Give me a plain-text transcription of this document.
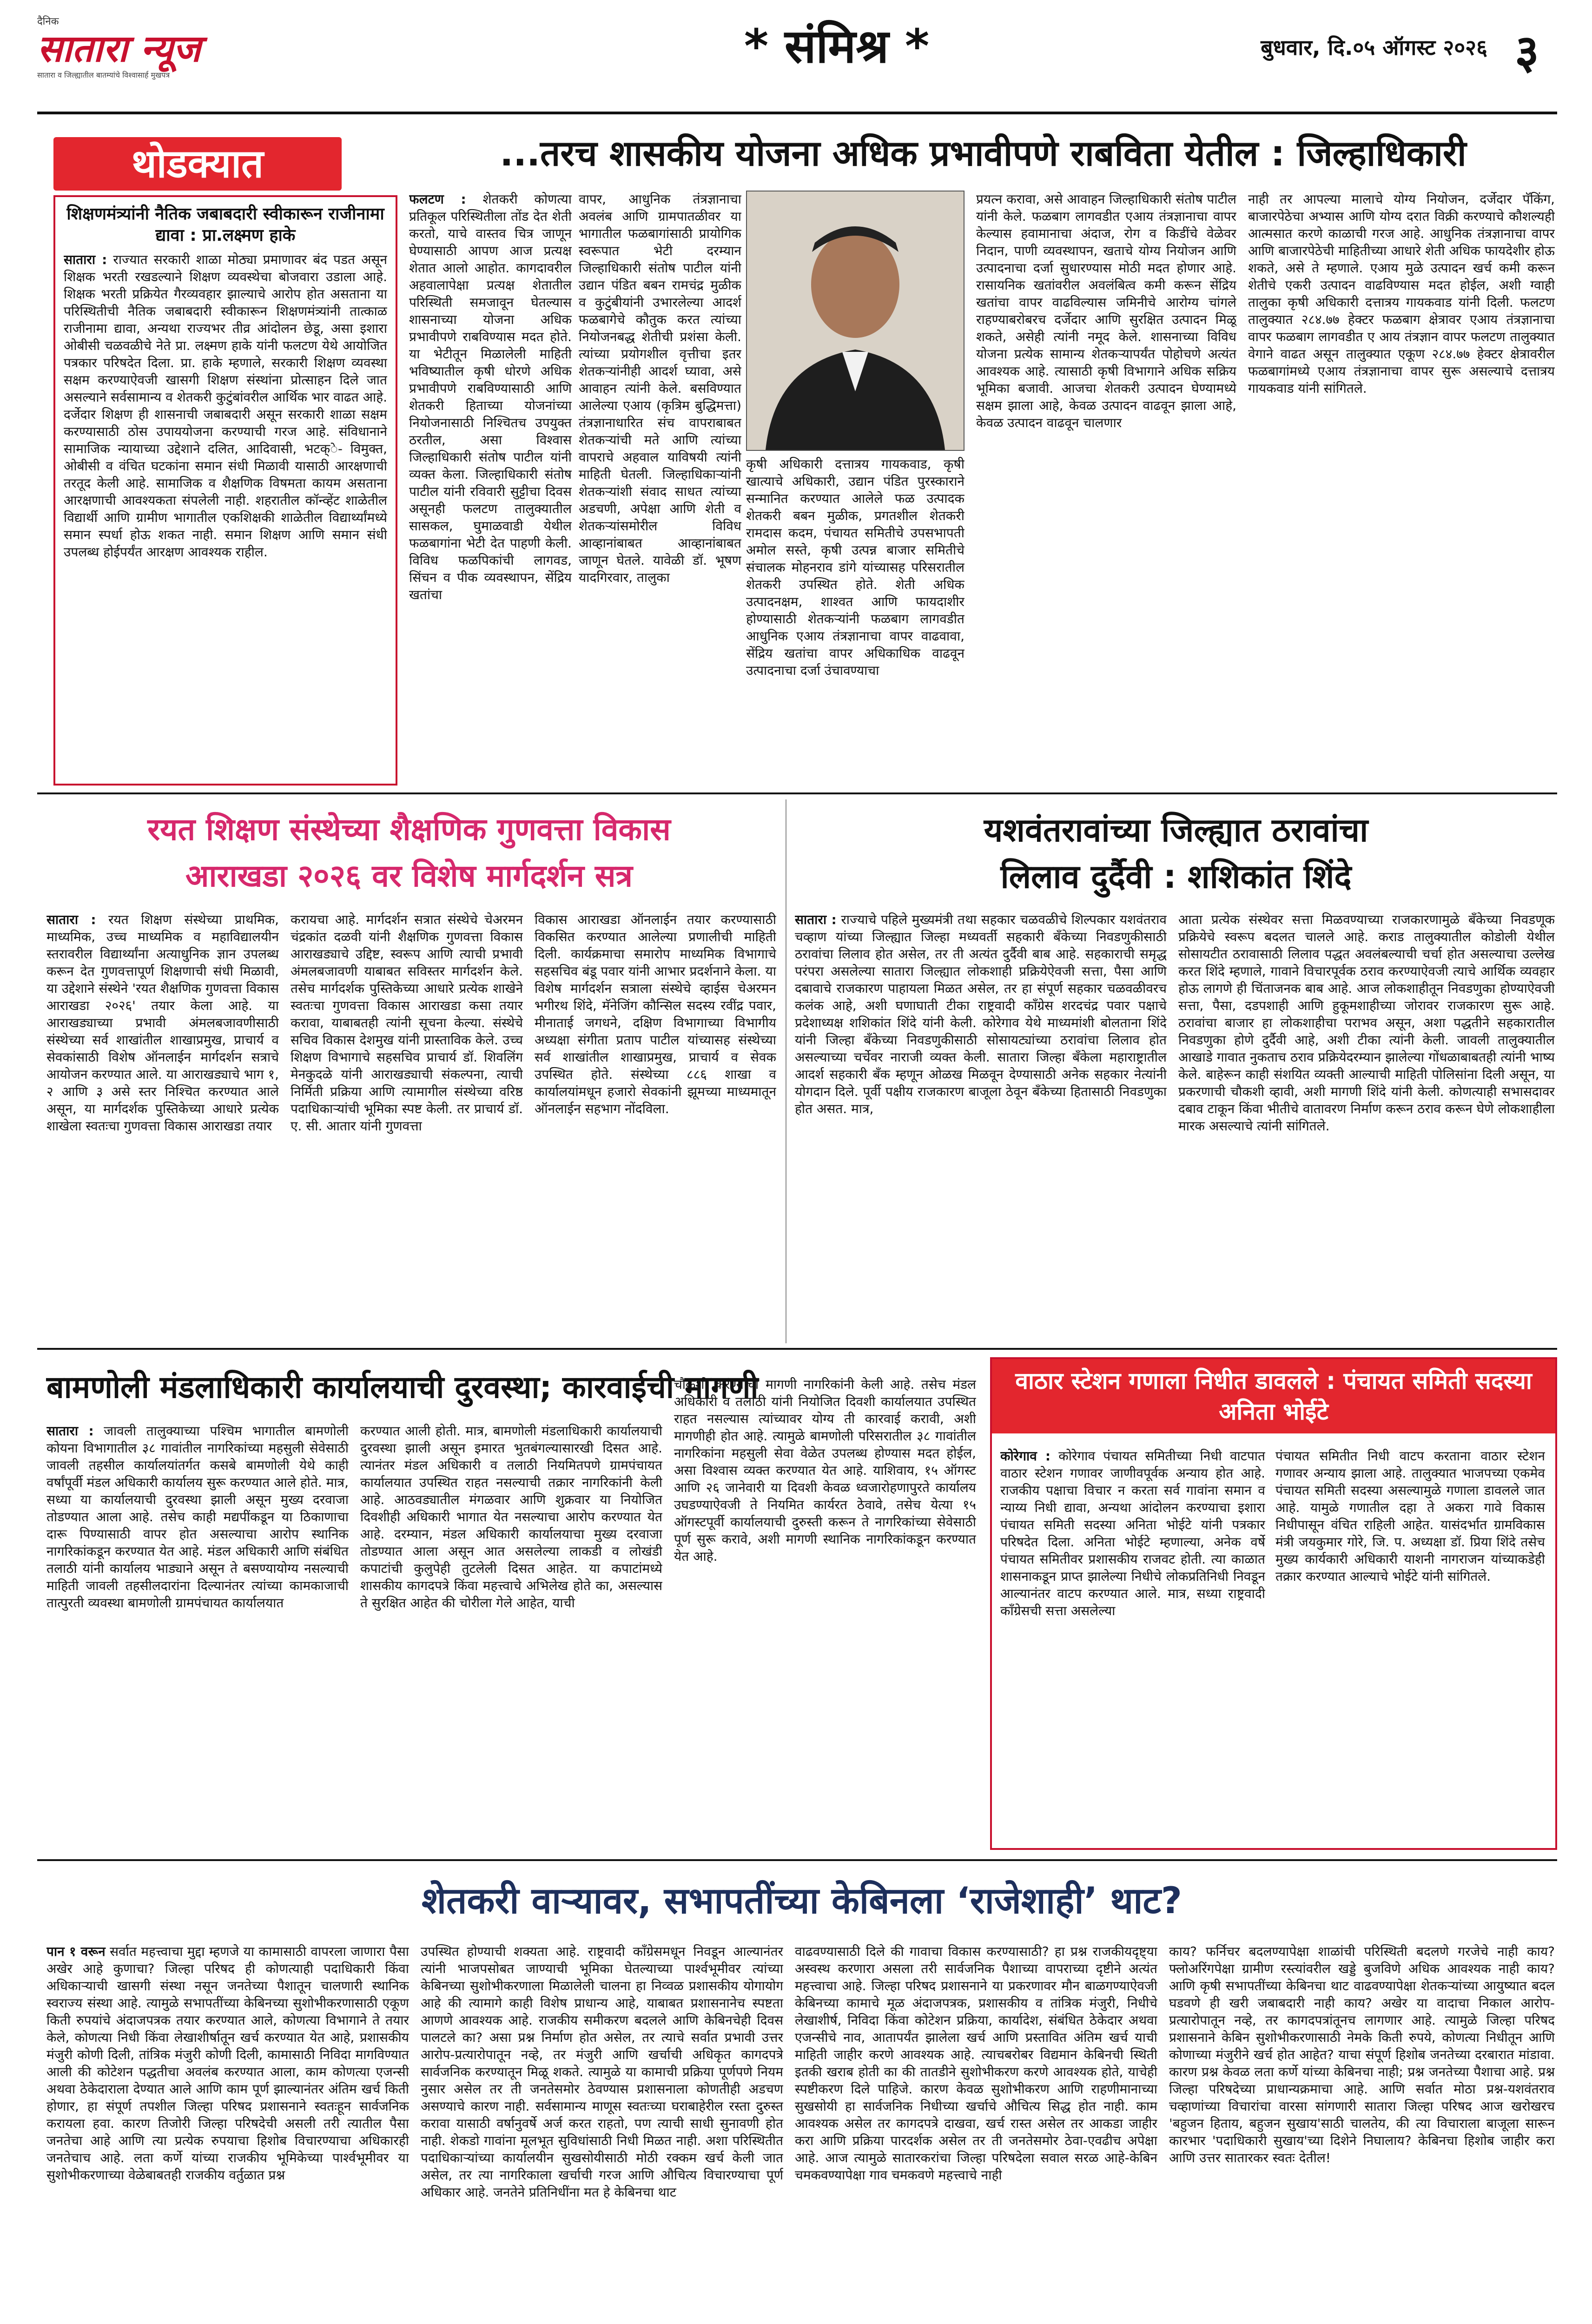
दैनिक
सातारा न्यूज
सातारा व जिल्ह्यातील बातम्यांचे विश्वासार्ह मुखपत्र
* संमिश्र *	बुधवार, दि.०५ ऑगस्ट २०२६ ३
थोडक्यात
शिक्षणमंत्र्यांनी नैतिक जबाबदारी स्वीकारून राजीनामा द्यावा : प्रा.लक्ष्मण हाके
सातारा : राज्यात सरकारी शाळा मोठ्या प्रमाणावर बंद पडत असून शिक्षक भरती रखडल्याने शिक्षण व्यवस्थेचा बोजवारा उडाला आहे. शिक्षक भरती प्रक्रियेत गैरव्यवहार झाल्याचे आरोप होत असताना या परिस्थितीची नैतिक जबाबदारी स्वीकारून शिक्षणमंत्र्यांनी तात्काळ राजीनामा द्यावा, अन्यथा राज्यभर तीव्र आंदोलन छेडू, असा इशारा ओबीसी चळवळीचे नेते प्रा. लक्ष्मण हाके यांनी फलटण येथे आयोजित पत्रकार परिषदेत दिला. प्रा. हाके म्हणाले, सरकारी शिक्षण व्यवस्था सक्षम करण्याऐवजी खासगी शिक्षण संस्थांना प्रोत्साहन दिले जात असल्याने सर्वसामान्य व शेतकरी कुटुंबांवरील आर्थिक भार वाढत आहे. दर्जेदार शिक्षण ही शासनाची जबाबदारी असून सरकारी शाळा सक्षम करण्यासाठी ठोस उपाययोजना करण्याची गरज आहे. संविधानाने सामाजिक न्यायाच्या उद्देशाने दलित, आदिवासी, भटक्े- विमुक्त, ओबीसी व वंचित घटकांना समान संधी मिळावी यासाठी आरक्षणाची तरतूद केली आहे. सामाजिक व शैक्षणिक विषमता कायम असताना आरक्षणाची आवश्यकता संपलेली नाही. शहरातील कॉन्व्हेंट शाळेतील विद्यार्थी आणि ग्रामीण भागातील एकशिक्षकी शाळेतील विद्यार्थ्यांमध्ये समान स्पर्धा होऊ शकत नाही. समान शिक्षण आणि समान संधी उपलब्ध होईपर्यंत आरक्षण आवश्यक राहील.
...तरच शासकीय योजना अधिक प्रभावीपणे राबविता येतील : जिल्हाधिकारी
फलटण : शेतकरी कोणत्या प्रतिकूल परिस्थितीला तोंड देत शेती करतो, याचे वास्तव चित्र जाणून घेण्यासाठी आपण आज प्रत्यक्ष शेतात आलो आहोत. कागदावरील अहवालापेक्षा प्रत्यक्ष शेतातील परिस्थिती समजावून घेतल्यास शासनाच्या योजना अधिक प्रभावीपणे राबविण्यास मदत होते. या भेटीतून मिळालेली माहिती भविष्यातील कृषी धोरणे अधिक प्रभावीपणे राबविण्यासाठी आणि शेतकरी हिताच्या योजनांच्या नियोजनासाठी निश्चितच उपयुक्त ठरतील, असा विश्वास जिल्हाधिकारी संतोष पाटील यांनी व्यक्त केला. जिल्हाधिकारी संतोष पाटील यांनी रविवारी सुट्टीचा दिवस असूनही फलटण तालुक्यातील सासकल, घुमाळवाडी येथील फळबागांना भेटी देत पाहणी केली. विविध फळपिकांची लागवड, सिंचन व पीक व्यवस्थापन, सेंद्रिय खतांचा
वापर, आधुनिक तंत्रज्ञानाचा अवलंब आणि ग्रामपातळीवर या भागातील फळबागांसाठी प्रायोगिक स्वरूपात भेटी दरम्यान जिल्हाधिकारी संतोष पाटील यांनी उद्यान पंडित बबन रामचंद्र मुळीक व कुटुंबीयांनी उभारलेल्या आदर्श फळबागेचे कौतुक करत त्यांच्या नियोजनबद्ध शेतीची प्रशंसा केली. त्यांच्या प्रयोगशील वृत्तीचा इतर शेतकऱ्यांनीही आदर्श घ्यावा, असे आवाहन त्यांनी केले. बसविण्यात आलेल्या एआय (कृत्रिम बुद्धिमत्ता) तंत्रज्ञानाधारित संच वापराबाबत शेतकऱ्यांची मते आणि त्यांच्या वापराचे अहवाल याविषयी त्यांनी माहिती घेतली. जिल्हाधिकाऱ्यांनी शेतकऱ्यांशी संवाद साधत त्यांच्या अडचणी, अपेक्षा आणि शेती व शेतकऱ्यांसमोरील विविध आव्हानांबाबत आव्हानांबाबत जाणून घेतले. यावेळी डॉ. भूषण यादगिरवार, तालुका
कृषी अधिकारी दत्तात्रय गायकवाड, कृषी खात्याचे अधिकारी, उद्यान पंडित पुरस्काराने सन्मानित करण्यात आलेले फळ उत्पादक शेतकरी बबन मुळीक, प्रगतशील शेतकरी रामदास कदम, पंचायत समितीचे उपसभापती अमोल सस्ते, कृषी उत्पन्न बाजार समितीचे संचालक मोहनराव डांगे यांच्यासह परिसरातील शेतकरी उपस्थित होते. शेती अधिक उत्पादनक्षम, शाश्वत आणि फायदाशीर होण्यासाठी शेतकऱ्यांनी फळबाग लागवडीत आधुनिक एआय तंत्रज्ञानाचा वापर वाढवावा, सेंद्रिय खतांचा वापर अधिकाधिक वाढवून उत्पादनाचा दर्जा उंचावण्याचा
प्रयत्न करावा, असे आवाहन जिल्हाधिकारी संतोष पाटील यांनी केले. फळबाग लागवडीत एआय तंत्रज्ञानाचा वापर केल्यास हवामानाचा अंदाज, रोग व किडींचे वेळेवर निदान, पाणी व्यवस्थापन, खताचे योग्य नियोजन आणि उत्पादनाचा दर्जा सुधारण्यास मोठी मदत होणार आहे. रासायनिक खतांवरील अवलंबित्व कमी करून सेंद्रिय खतांचा वापर वाढविल्यास जमिनीचे आरोग्य चांगले राहण्याबरोबरच दर्जेदार आणि सुरक्षित उत्पादन मिळू शकते, असेही त्यांनी नमूद केले. शासनाच्या विविध योजना प्रत्येक सामान्य शेतकऱ्यापर्यंत पोहोचणे अत्यंत आवश्यक आहे. त्यासाठी कृषी विभागाने अधिक सक्रिय भूमिका बजावी. आजचा शेतकरी उत्पादन घेण्यामध्ये सक्षम झाला आहे, केवळ उत्पादन वाढवून झाला आहे, केवळ उत्पादन वाढवून चालणार
नाही तर आपल्या मालाचे योग्य नियोजन, दर्जेदार पॅकिंग, बाजारपेठेचा अभ्यास आणि योग्य दरात विक्री करण्याचे कौशल्यही आत्मसात करणे काळाची गरज आहे. आधुनिक तंत्रज्ञानाचा वापर आणि बाजारपेठेची माहितीच्या आधारे शेती अधिक फायदेशीर होऊ शकते, असे ते म्हणाले. एआय मुळे उत्पादन खर्च कमी करून शेतीचे एकरी उत्पादन वाढविण्यास मदत होईल, अशी ग्वाही तालुका कृषी अधिकारी दत्तात्रय गायकवाड यांनी दिली. फलटण तालुक्यात २८४.७७ हेक्टर फळबाग क्षेत्रावर एआय तंत्रज्ञानाचा वापर फळबाग लागवडीत ए आय तंत्रज्ञान वापर फलटण तालुक्यात वेगाने वाढत असून तालुक्यात एकूण २८४.७७ हेक्टर क्षेत्रावरील फळबागांमध्ये एआय तंत्रज्ञानाचा वापर सुरू असल्याचे दत्तात्रय गायकवाड यांनी सांगितले.
रयत शिक्षण संस्थेच्या शैक्षणिक गुणवत्ता विकास
आराखडा २०२६ वर विशेष मार्गदर्शन सत्र
सातारा : रयत शिक्षण संस्थेच्या प्राथमिक, माध्यमिक, उच्च माध्यमिक व महाविद्यालयीन स्तरावरील विद्यार्थ्यांना अत्याधुनिक ज्ञान उपलब्ध करून देत गुणवत्तापूर्ण शिक्षणाची संधी मिळावी, या उद्देशाने संस्थेने 'रयत शैक्षणिक गुणवत्ता विकास आराखडा २०२६' तयार केला आहे. या आराखड्याच्या प्रभावी अंमलबजावणीसाठी संस्थेच्या सर्व शाखांतील शाखाप्रमुख, प्राचार्य व सेवकांसाठी विशेष ऑनलाईन मार्गदर्शन सत्राचे आयोजन करण्यात आले. या आराखड्याचे भाग १, २ आणि ३ असे स्तर निश्चित करण्यात आले असून, या मार्गदर्शक पुस्तिकेच्या आधारे प्रत्येक शाखेला स्वतःचा गुणवत्ता विकास आराखडा तयार
करायचा आहे. मार्गदर्शन सत्रात संस्थेचे चेअरमन चंद्रकांत दळवी यांनी शैक्षणिक गुणवत्ता विकास आराखड्याचे उद्दिष्ट, स्वरूप आणि त्याची प्रभावी अंमलबजावणी याबाबत सविस्तर मार्गदर्शन केले. तसेच मार्गदर्शक पुस्तिकेच्या आधारे प्रत्येक शाखेने स्वतःचा गुणवत्ता विकास आराखडा कसा तयार करावा, याबाबतही त्यांनी सूचना केल्या. संस्थेचे सचिव विकास देशमुख यांनी प्रास्ताविक केले. उच्च शिक्षण विभागाचे सहसचिव प्राचार्य डॉ. शिवलिंग मेनकुदळे यांनी आराखड्याची संकल्पना, त्याची निर्मिती प्रक्रिया आणि त्यामागील संस्थेच्या वरिष्ठ पदाधिकाऱ्यांची भूमिका स्पष्ट केली. तर प्राचार्य डॉ. ए. सी. आतार यांनी गुणवत्ता
विकास आराखडा ऑनलाईन तयार करण्यासाठी विकसित करण्यात आलेल्या प्रणालीची माहिती दिली. कार्यक्रमाचा समारोप माध्यमिक विभागाचे सहसचिव बंडू पवार यांनी आभार प्रदर्शनाने केला. या विशेष मार्गदर्शन सत्राला संस्थेचे व्हाईस चेअरमन भगीरथ शिंदे, मॅनेजिंग कौन्सिल सदस्य रवींद्र पवार, मीनाताई जगधने, दक्षिण विभागाच्या विभागीय अध्यक्षा संगीता प्रताप पाटील यांच्यासह संस्थेच्या सर्व शाखांतील शाखाप्रमुख, प्राचार्य व सेवक उपस्थित होते. संस्थेच्या ८८६ शाखा व कार्यालयांमधून हजारो सेवकांनी झूमच्या माध्यमातून ऑनलाईन सहभाग नोंदविला.
यशवंतरावांच्या जिल्ह्यात ठरावांचा
लिलाव दुर्दैवी : शशिकांत शिंदे
सातारा : राज्याचे पहिले मुख्यमंत्री तथा सहकार चळवळीचे शिल्पकार यशवंतराव चव्हाण यांच्या जिल्ह्यात जिल्हा मध्यवर्ती सहकारी बँकेच्या निवडणुकीसाठी ठरावांचा लिलाव होत असेल, तर ती अत्यंत दुर्दैवी बाब आहे. सहकाराची समृद्ध परंपरा असलेल्या सातारा जिल्ह्यात लोकशाही प्रक्रियेऐवजी सत्ता, पैसा आणि दबावाचे राजकारण पाहायला मिळत असेल, तर हा संपूर्ण सहकार चळवळीवरच कलंक आहे, अशी घणाघाती टीका राष्ट्रवादी काँग्रेस शरदचंद्र पवार पक्षाचे प्रदेशाध्यक्ष शशिकांत शिंदे यांनी केली. कोरेगाव येथे माध्यमांशी बोलताना शिंदे यांनी जिल्हा बँकेच्या निवडणुकीसाठी सोसायट्यांच्या ठरावांचा लिलाव होत असल्याच्या चर्चेवर नाराजी व्यक्त केली. सातारा जिल्हा बँकेला महाराष्ट्रातील आदर्श सहकारी बँक म्हणून ओळख मिळवून देण्यासाठी अनेक सहकार नेत्यांनी योगदान दिले. पूर्वी पक्षीय राजकारण बाजूला ठेवून बँकेच्या हितासाठी निवडणुका होत असत. मात्र,
आता प्रत्येक संस्थेवर सत्ता मिळवण्याच्या राजकारणामुळे बँकेच्या निवडणूक प्रक्रियेचे स्वरूप बदलत चालले आहे. कराड तालुक्यातील कोडोली येथील सोसायटीत ठरावासाठी लिलाव पद्धत अवलंबल्याची चर्चा होत असल्याचा उल्लेख करत शिंदे म्हणाले, गावाने विचारपूर्वक ठराव करण्याऐवजी त्याचे आर्थिक व्यवहार होऊ लागणे ही चिंताजनक बाब आहे. आज लोकशाहीतून निवडणुका होण्याऐवजी सत्ता, पैसा, दडपशाही आणि हुकूमशाहीच्या जोरावर राजकारण सुरू आहे. ठरावांचा बाजार हा लोकशाहीचा पराभव असून, अशा पद्धतीने सहकारातील निवडणुका होणे दुर्दैवी आहे, अशी टीका त्यांनी केली. जावली तालुक्यातील आखाडे गावात नुकताच ठराव प्रक्रियेदरम्यान झालेल्या गोंधळाबाबतही त्यांनी भाष्य केले. बाहेरून काही संशयित व्यक्ती आल्याची माहिती पोलिसांना दिली असून, या प्रकरणाची चौकशी व्हावी, अशी मागणी शिंदे यांनी केली. कोणत्याही सभासदावर दबाव टाकून किंवा भीतीचे वातावरण निर्माण करून ठराव करून घेणे लोकशाहीला मारक असल्याचे त्यांनी सांगितले.
बामणोली मंडलाधिकारी कार्यालयाची दुरवस्था; कारवाईची मागणी
सातारा : जावली तालुक्याच्या पश्चिम भागातील बामणोली कोयना विभागातील ३८ गावांतील नागरिकांच्या महसुली सेवेसाठी जावली तहसील कार्यालयांतर्गत कसबे बामणोली येथे काही वर्षांपूर्वी मंडल अधिकारी कार्यालय सुरू करण्यात आले होते. मात्र, सध्या या कार्यालयाची दुरवस्था झाली असून मुख्य दरवाजा तोडण्यात आला आहे. तसेच काही मद्यपींकडून या ठिकाणाचा दारू पिण्यासाठी वापर होत असल्याचा आरोप स्थानिक नागरिकांकडून करण्यात येत आहे. मंडल अधिकारी आणि संबंधित तलाठी यांनी कार्यालय भाड्याने असून ते बसण्यायोग्य नसल्याची माहिती जावली तहसीलदारांना दिल्यानंतर त्यांच्या कामकाजाची तात्पुरती व्यवस्था बामणोली ग्रामपंचायत कार्यालयात
करण्यात आली होती. मात्र, बामणोली मंडलाधिकारी कार्यालयाची दुरवस्था झाली असून इमारत भुतबंगल्यासारखी दिसत आहे. त्यानंतर मंडल अधिकारी व तलाठी नियमितपणे ग्रामपंचायत कार्यालयात उपस्थित राहत नसल्याची तक्रार नागरिकांनी केली आहे. आठवड्यातील मंगळवार आणि शुक्रवार या नियोजित दिवशीही अधिकारी भागात येत नसल्याचा आरोप करण्यात येत आहे. दरम्यान, मंडल अधिकारी कार्यालयाचा मुख्य दरवाजा तोडण्यात आला असून आत असलेल्या लाकडी व लोखंडी कपाटांची कुलुपेही तुटलेली दिसत आहेत. या कपाटांमध्ये शासकीय कागदपत्रे किंवा महत्त्वाचे अभिलेख होते का, असल्यास ते सुरक्षित आहेत की चोरीला गेले आहेत, याची
चौकशी करण्याची मागणी नागरिकांनी केली आहे. तसेच मंडल अधिकारी व तलाठी यांनी नियोजित दिवशी कार्यालयात उपस्थित राहत नसल्यास त्यांच्यावर योग्य ती कारवाई करावी, अशी मागणीही होत आहे. त्यामुळे बामणोली परिसरातील ३८ गावांतील नागरिकांना महसुली सेवा वेळेत उपलब्ध होण्यास मदत होईल, असा विश्वास व्यक्त करण्यात येत आहे. याशिवाय, १५ ऑगस्ट आणि २६ जानेवारी या दिवशी केवळ ध्वजारोहणापुरते कार्यालय उघडण्याऐवजी ते नियमित कार्यरत ठेवावे, तसेच येत्या १५ ऑगस्टपूर्वी कार्यालयाची दुरुस्ती करून ते नागरिकांच्या सेवेसाठी पूर्ण सुरू करावे, अशी मागणी स्थानिक नागरिकांकडून करण्यात येत आहे.
वाठार स्टेशन गणाला निधीत डावलले : पंचायत समिती सदस्या अनिता भोईटे
कोरेगाव : कोरेगाव पंचायत समितीच्या निधी वाटपात वाठार स्टेशन गणावर जाणीवपूर्वक अन्याय होत आहे. राजकीय पक्षाचा विचार न करता सर्व गावांना समान व न्याय्य निधी द्यावा, अन्यथा आंदोलन करण्याचा इशारा पंचायत समिती सदस्या अनिता भोईटे यांनी पत्रकार परिषदेत दिला. अनिता भोईटे म्हणाल्या, अनेक वर्षे पंचायत समितीवर प्रशासकीय राजवट होती. त्या काळात शासनाकडून प्राप्त झालेल्या निधीचे लोकप्रतिनिधी निवडून आल्यानंतर वाटप करण्यात आले. मात्र, सध्या राष्ट्रवादी काँग्रेसची सत्ता असलेल्या
पंचायत समितीत निधी वाटप करताना वाठार स्टेशन गणावर अन्याय झाला आहे. तालुक्यात भाजपच्या एकमेव पंचायत समिती सदस्या असल्यामुळे गणाला डावलले जात आहे. यामुळे गणातील दहा ते अकरा गावे विकास निधीपासून वंचित राहिली आहेत. यासंदर्भात ग्रामविकास मंत्री जयकुमार गोरे, जि. प. अध्यक्षा डॉ. प्रिया शिंदे तसेच मुख्य कार्यकारी अधिकारी याशनी नागराजन यांच्याकडेही तक्रार करण्यात आल्याचे भोईटे यांनी सांगितले.
शेतकरी वाऱ्यावर, सभापतींच्या केबिनला ‘राजेशाही’ थाट?
पान १ वरून सर्वात महत्त्वाचा मुद्दा म्हणजे या कामासाठी वापरला जाणारा पैसा अखेर आहे कुणाचा? जिल्हा परिषद ही कोणत्याही पदाधिकारी किंवा अधिकाऱ्याची खासगी संस्था नसून जनतेच्या पैशातून चालणारी स्थानिक स्वराज्य संस्था आहे. त्यामुळे सभापतींच्या केबिनच्या सुशोभीकरणासाठी एकूण किती रुपयांचे अंदाजपत्रक तयार करण्यात आले, कोणत्या विभागाने ते तयार केले, कोणत्या निधी किंवा लेखाशीर्षातून खर्च करण्यात येत आहे, प्रशासकीय मंजुरी कोणी दिली, तांत्रिक मंजुरी कोणी दिली, कामासाठी निविदा मागविण्यात आली की कोटेशन पद्धतीचा अवलंब करण्यात आला, काम कोणत्या एजन्सी अथवा ठेकेदाराला देण्यात आले आणि काम पूर्ण झाल्यानंतर अंतिम खर्च किती होणार, हा संपूर्ण तपशील जिल्हा परिषद प्रशासनाने स्वतःहून सार्वजनिक करायला हवा. कारण तिजोरी जिल्हा परिषदेची असली तरी त्यातील पैसा जनतेचा आहे आणि त्या प्रत्येक रुपयाचा हिशोब विचारण्याचा अधिकारही जनतेचाच आहे. लता कर्णे यांच्या राजकीय भूमिकेच्या पार्श्वभूमीवर या सुशोभीकरणाच्या वेळेबाबतही राजकीय वर्तुळात प्रश्न
उपस्थित होण्याची शक्यता आहे. राष्ट्रवादी काँग्रेसमधून निवडून आल्यानंतर त्यांनी भाजपसोबत जाण्याची भूमिका घेतल्याच्या पार्श्वभूमीवर त्यांच्या केबिनच्या सुशोभीकरणाला मिळालेली चालना हा निव्वळ प्रशासकीय योगायोग आहे की त्यामागे काही विशेष प्राधान्य आहे, याबाबत प्रशासनानेच स्पष्टता आणणे आवश्यक आहे. राजकीय समीकरण बदलले आणि केबिनचेही दिवस पालटले का? असा प्रश्न निर्माण होत असेल, तर त्याचे सर्वात प्रभावी उत्तर आरोप-प्रत्यारोपातून नव्हे, तर मंजुरी आणि खर्चाची अधिकृत कागदपत्रे सार्वजनिक करण्यातून मिळू शकते. त्यामुळे या कामाची प्रक्रिया पूर्णपणे नियम नुसार असेल तर ती जनतेसमोर ठेवण्यास प्रशासनाला कोणतीही अडचण असण्याचे कारण नाही. सर्वसामान्य माणूस स्वतःच्या घराबाहेरील रस्ता दुरुस्त करावा यासाठी वर्षानुवर्षे अर्ज करत राहतो, पण त्याची साधी सुनावणी होत नाही. शेकडो गावांना मूलभूत सुविधांसाठी निधी मिळत नाही. अशा परिस्थितीत पदाधिकाऱ्यांच्या कार्यालयीन सुखसोयीसाठी मोठी रक्कम खर्च केली जात असेल, तर त्या नागरिकाला खर्चाची गरज आणि औचित्य विचारण्याचा पूर्ण अधिकार आहे. जनतेने प्रतिनिधींना मत हे केबिनचा थाट
वाढवण्यासाठी दिले की गावाचा विकास करण्यासाठी? हा प्रश्न राजकीयदृष्ट्या अस्वस्थ करणारा असला तरी सार्वजनिक पैशाच्या वापराच्या दृष्टीने अत्यंत महत्त्वाचा आहे. जिल्हा परिषद प्रशासनाने या प्रकरणावर मौन बाळगण्याऐवजी केबिनच्या कामाचे मूळ अंदाजपत्रक, प्रशासकीय व तांत्रिक मंजुरी, निधीचे लेखाशीर्ष, निविदा किंवा कोटेशन प्रक्रिया, कार्यादेश, संबंधित ठेकेदार अथवा एजन्सीचे नाव, आतापर्यंत झालेला खर्च आणि प्रस्तावित अंतिम खर्च याची माहिती जाहीर करणे आवश्यक आहे. त्याचबरोबर विद्यमान केबिनची स्थिती इतकी खराब होती का की तातडीने सुशोभीकरण करणे आवश्यक होते, याचेही स्पष्टीकरण दिले पाहिजे. कारण केवळ सुशोभीकरण आणि राहणीमानाच्या सुखसोयी हा सार्वजनिक निधीच्या खर्चाचे औचित्य सिद्ध होत नाही. काम आवश्यक असेल तर कागदपत्रे दाखवा, खर्च रास्त असेल तर आकडा जाहीर करा आणि प्रक्रिया पारदर्शक असेल तर ती जनतेसमोर ठेवा-एवढीच अपेक्षा आहे. आज त्यामुळे सातारकरांचा जिल्हा परिषदेला सवाल सरळ आहे-केबिन चमकवण्यापेक्षा गाव चमकवणे महत्त्वाचे नाही
काय? फर्निचर बदलण्यापेक्षा शाळांची परिस्थिती बदलणे गरजेचे नाही काय? फ्लोअरिंगपेक्षा ग्रामीण रस्त्यांवरील खड्डे बुजविणे अधिक आवश्यक नाही काय? आणि कृषी सभापतींच्या केबिनचा थाट वाढवण्यापेक्षा शेतकऱ्यांच्या आयुष्यात बदल घडवणे ही खरी जबाबदारी नाही काय? अखेर या वादाचा निकाल आरोप-प्रत्यारोपातून नव्हे, तर कागदपत्रांतूनच लागणार आहे. त्यामुळे जिल्हा परिषद प्रशासनाने केबिन सुशोभीकरणासाठी नेमके किती रुपये, कोणत्या निधीतून आणि कोणाच्या मंजुरीने खर्च होत आहेत? याचा संपूर्ण हिशोब जनतेच्या दरबारात मांडावा. कारण प्रश्न केवळ लता कर्णे यांच्या केबिनचा नाही; प्रश्न जनतेच्या पैशाचा आहे. प्रश्न जिल्हा परिषदेच्या प्राधान्यक्रमाचा आहे. आणि सर्वात मोठा प्रश्न-यशवंतराव चव्हाणांच्या विचारांचा वारसा सांगणारी सातारा जिल्हा परिषद आज खरोखरच 'बहुजन हिताय, बहुजन सुखाय'साठी चालतेय, की त्या विचाराला बाजूला सारून कारभार 'पदाधिकारी सुखाय'च्या दिशेने निघालाय? केबिनचा हिशोब जाहीर करा आणि उत्तर सातारकर स्वतः देतील!
